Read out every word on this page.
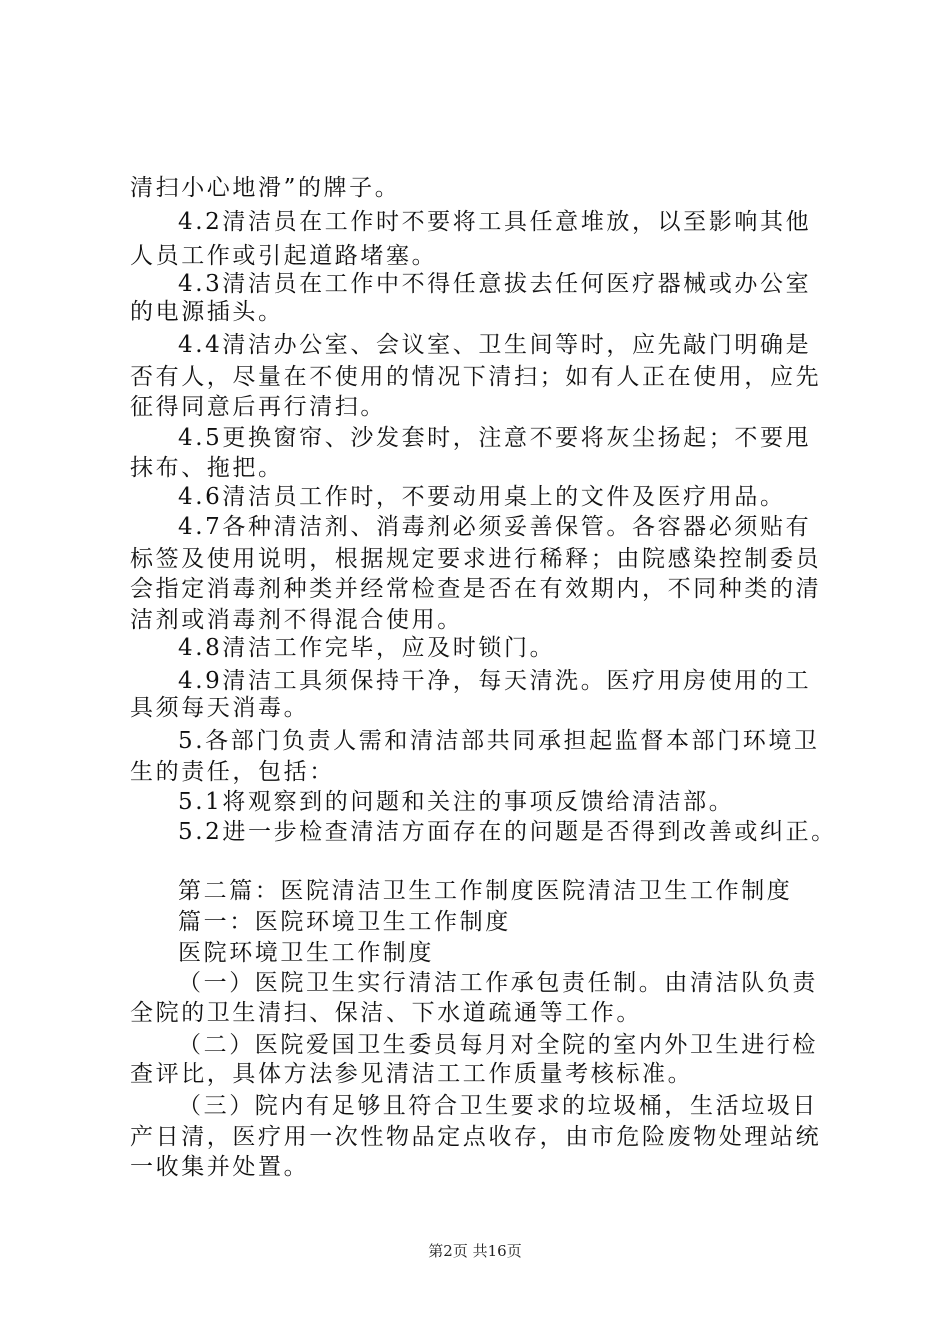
清扫小心地滑”的牌子。
4.2清洁员在工作时不要将工具任意堆放，以至影响其他
人员工作或引起道路堵塞。
4.3清洁员在工作中不得任意拔去任何医疗器械或办公室
的电源插头。
4.4清洁办公室、会议室、卫生间等时，应先敲门明确是
否有人，尽量在不使用的情况下清扫；如有人正在使用，应先
征得同意后再行清扫。
4.5更换窗帘、沙发套时，注意不要将灰尘扬起；不要甩
抹布、拖把。
4.6清洁员工作时，不要动用桌上的文件及医疗用品。
4.7各种清洁剂、消毒剂必须妥善保管。各容器必须贴有
标签及使用说明，根据规定要求进行稀释；由院感染控制委员
会指定消毒剂种类并经常检查是否在有效期内，不同种类的清
洁剂或消毒剂不得混合使用。
4.8清洁工作完毕，应及时锁门。
4.9清洁工具须保持干净，每天清洗。医疗用房使用的工
具须每天消毒。
5.各部门负责人需和清洁部共同承担起监督本部门环境卫
生的责任，包括：
5.1将观察到的问题和关注的事项反馈给清洁部。
5.2进一步检查清洁方面存在的问题是否得到改善或纠正。
第二篇：医院清洁卫生工作制度医院清洁卫生工作制度
篇一：医院环境卫生工作制度
医院环境卫生工作制度
（一）医院卫生实行清洁工作承包责任制。由清洁队负责
全院的卫生清扫、保洁、下水道疏通等工作。
（二）医院爱国卫生委员每月对全院的室内外卫生进行检
查评比，具体方法参见清洁工工作质量考核标准。
（三）院内有足够且符合卫生要求的垃圾桶，生活垃圾日
产日清，医疗用一次性物品定点收存，由市危险废物处理站统
一收集并处置。
第2页 共16页
